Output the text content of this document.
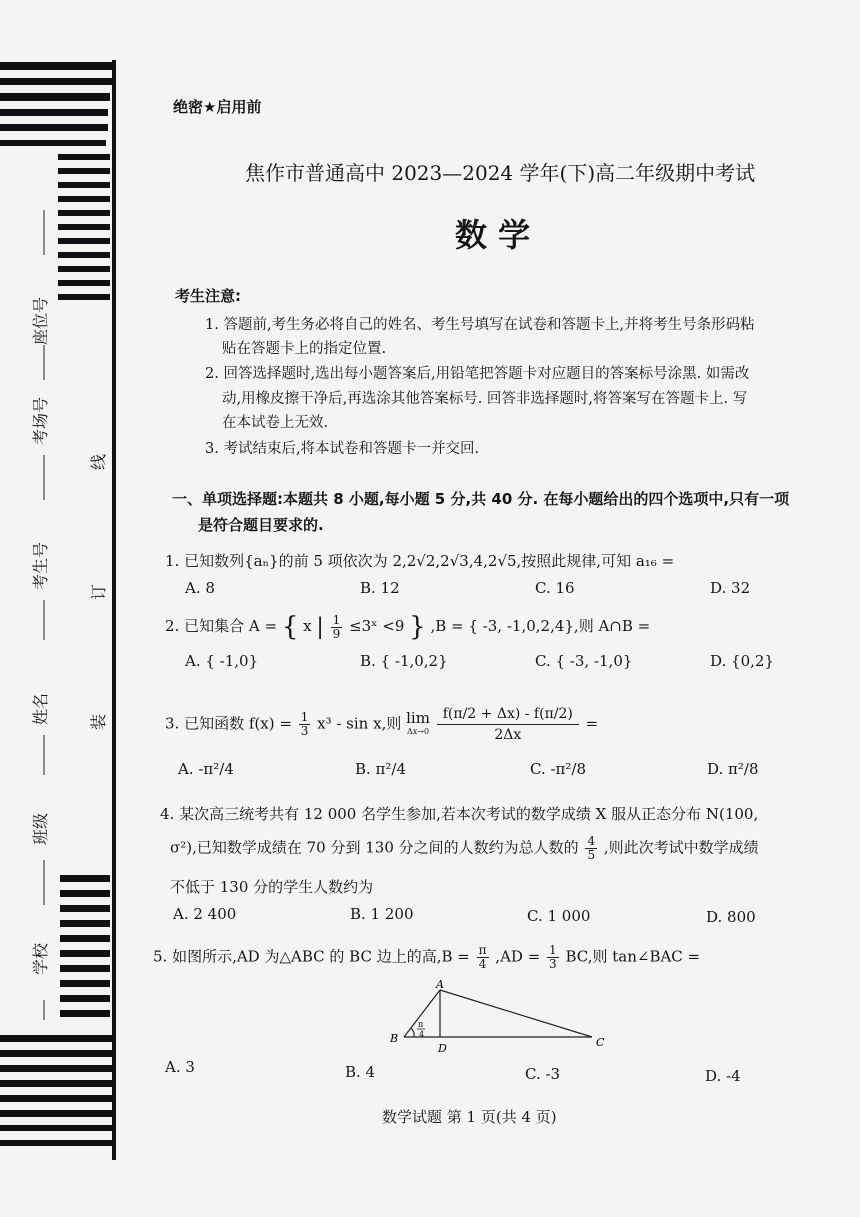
座位号
考场号
考生号
姓名
班级
学校
线
订
装
绝密★启用前
焦作市普通高中 2023—2024 学年(下)高二年级期中考试
数 学
考生注意:
1. 答题前,考生务必将自己的姓名、考生号填写在试卷和答题卡上,并将考生号条形码粘
贴在答题卡上的指定位置.
2. 回答选择题时,选出每小题答案后,用铅笔把答题卡对应题目的答案标号涂黑. 如需改
动,用橡皮擦干净后,再选涂其他答案标号. 回答非选择题时,将答案写在答题卡上. 写
在本试卷上无效.
3. 考试结束后,将本试卷和答题卡一并交回.
一、单项选择题:本题共 8 小题,每小题 5 分,共 40 分. 在每小题给出的四个选项中,只有一项
是符合题目要求的.
1. 已知数列{aₙ}的前 5 项依次为 2,2√2,2√3,4,2√5,按照此规律,可知 a₁₆ =
A. 8	B. 12	C. 16	D. 32
2. 已知集合 A = { x | $\frac{1}{9}$ ≤3ˣ <9 } ,B = { -3, -1,0,2,4},则 A∩B =
A. { -1,0}	B. { -1,0,2}	C. { -3, -1,0}	D. {0,2}
3. 已知函数 $f(x) = \frac{1}{3} x^3 - \sin x$,则 lim
Δx→0
$\frac{f(\pi/2 + \Delta x) - f(\pi/2)}{2\Delta x}$ =
A. -π²/4	B. π²/4	C. -π²/8	D. π²/8
4. 某次高三统考共有 12 000 名学生参加,若本次考试的数学成绩 X 服从正态分布 N(100,
σ²),已知数学成绩在 70 分到 130 分之间的人数约为总人数的 $\frac{4}{5}$ ,则此次考试中数学成绩
不低于 130 分的学生人数约为
A. 2 400	B. 1 200	C. 1 000	D. 800
5. 如图所示,AD 为△ABC 的 BC 边上的高$,B = \frac{\pi}{4} ,AD = \frac{1}{3}$ BC,则 tan∠BAC =
A
B	C
D
π
4
A. 3	B. 4	C. -3	D. -4
数学试题 第 1 页(共 4 页)
